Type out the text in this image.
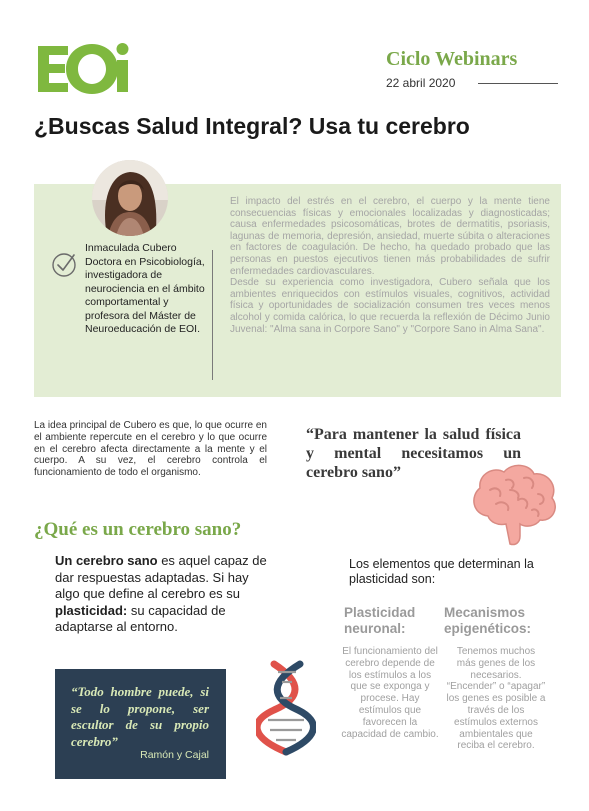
Ciclo Webinars
22 abril 2020
¿Buscas Salud Integral? Usa tu cerebro
Inmaculada Cubero
Doctora en Psicobiología, investigadora de neurociencia en el ámbito comportamental y profesora del Máster de Neuroeducación de EOI.

El impacto del estrés en el cerebro, el cuerpo y la mente tiene consecuencias físicas y emocionales localizadas y diagnosticadas; causa enfermedades psicosomáticas, brotes de dermatitis, psoriasis, lagunas de memoria, depresión, ansiedad, muerte súbita o alteraciones en factores de coagulación. De hecho, ha quedado probado que las personas en puestos ejecutivos tienen más probabilidades de sufrir enfermedades cardiovasculares.

Desde su experiencia como investigadora, Cubero señala que los ambientes enriquecidos con estímulos visuales, cognitivos, actividad física y oportunidades de socialización consumen tres veces menos alcohol y comida calórica, lo que recuerda la reflexión de Décimo Junio Juvenal: "Alma sana in Corpore Sano" y "Corpore Sano in Alma Sana".

La idea principal de Cubero es que, lo que ocurre en el ambiente repercute en el cerebro y lo que ocurre en el cerebro afecta directamente a la mente y el cuerpo. A su vez, el cerebro controla el funcionamiento de todo el organismo.
“Para mantener la salud física y mental necesitamos un cerebro sano”
¿Qué es un cerebro sano?
Un cerebro sano es aquel capaz de dar respuestas adaptadas. Si hay algo que define al cerebro es su plasticidad: su capacidad de adaptarse al entorno.
Los elementos que determinan la plasticidad son:
Plasticidad neuronal:
Mecanismos epigenéticos:
El funcionamiento del cerebro depende de los estímulos a los que se exponga y procese. Hay estímulos que favorecen la capacidad de cambio.
Tenemos muchos más genes de los necesarios. “Encender” o “apagar” los genes es posible a través de los estímulos externos ambientales que reciba el cerebro.
“Todo hombre puede, si se lo propone, ser escultor de su propio cerebro”
Ramón y Cajal
